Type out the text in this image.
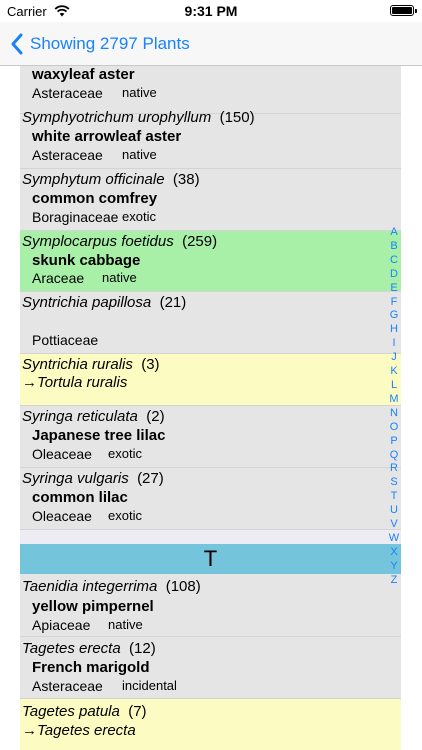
Carrier	9:31 PM
Showing 2797 Plants
waxyleaf aster
Asteraceae native
Symphyotrichum urophyllum (150)
white arrowleaf aster
Asteraceae native
Symphytum officinale (38)
common comfrey
Boraginaceae exotic
Symplocarpus foetidus (259)
skunk cabbage
Araceae native
Syntrichia papillosa (21)
Pottiaceae
Syntrichia ruralis (3)
→Tortula ruralis
Syringa reticulata (2)
Japanese tree lilac
Oleaceae exotic
Syringa vulgaris (27)
common lilac
Oleaceae exotic
T
Taenidia integerrima (108)
yellow pimpernel
Apiaceae native
Tagetes erecta (12)
French marigold
Asteraceae incidental
Tagetes patula (7)
→Tagetes erecta
A
B
C
D
E
F
G
H
I
J
K
L
M
N
O
P
Q
R
S
T
U
V
W
X
Y
Z
